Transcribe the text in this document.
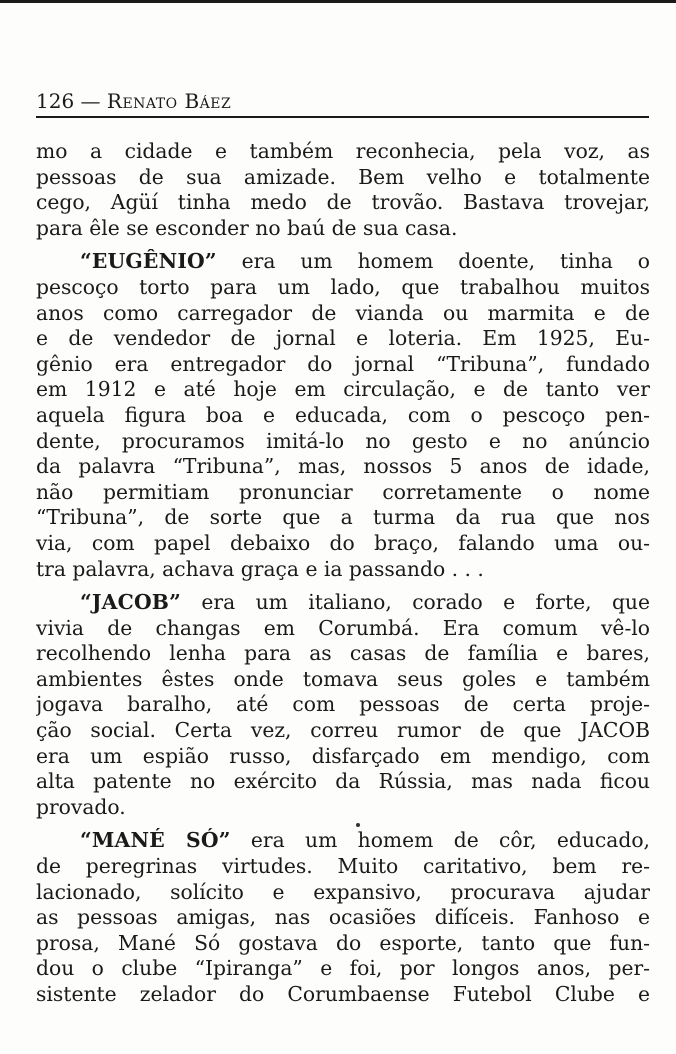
126 — Renato Báez
mo a cidade e também reconhecia, pela voz, as
pessoas de sua amizade. Bem velho e totalmente
cego, Agüí tinha medo de trovão. Bastava trovejar,
para êle se esconder no baú de sua casa.
“EUGÊNIO” era um homem doente, tinha o
pescoço torto para um lado, que trabalhou muitos
anos como carregador de vianda ou marmita e de
e de vendedor de jornal e loteria. Em 1925, Eu-
gênio era entregador do jornal “Tribuna”, fundado
em 1912 e até hoje em circulação, e de tanto ver
aquela figura boa e educada, com o pescoço pen-
dente, procuramos imitá-lo no gesto e no anúncio
da palavra “Tribuna”, mas, nossos 5 anos de idade,
não permitiam pronunciar corretamente o nome
“Tribuna”, de sorte que a turma da rua que nos
via, com papel debaixo do braço, falando uma ou-
tra palavra, achava graça e ia passando . . .
“JACOB” era um italiano, corado e forte, que
vivia de changas em Corumbá. Era comum vê-lo
recolhendo lenha para as casas de família e bares,
ambientes êstes onde tomava seus goles e também
jogava baralho, até com pessoas de certa proje-
ção social. Certa vez, correu rumor de que JACOB
era um espião russo, disfarçado em mendigo, com
alta patente no exército da Rússia, mas nada ficou
provado.
“MANÉ SÓ” era um homem de côr, educado,
de peregrinas virtudes. Muito caritativo, bem re-
lacionado, solícito e expansivo, procurava ajudar
as pessoas amigas, nas ocasiões difíceis. Fanhoso e
prosa, Mané Só gostava do esporte, tanto que fun-
dou o clube “Ipiranga” e foi, por longos anos, per-
sistente zelador do Corumbaense Futebol Clube e
